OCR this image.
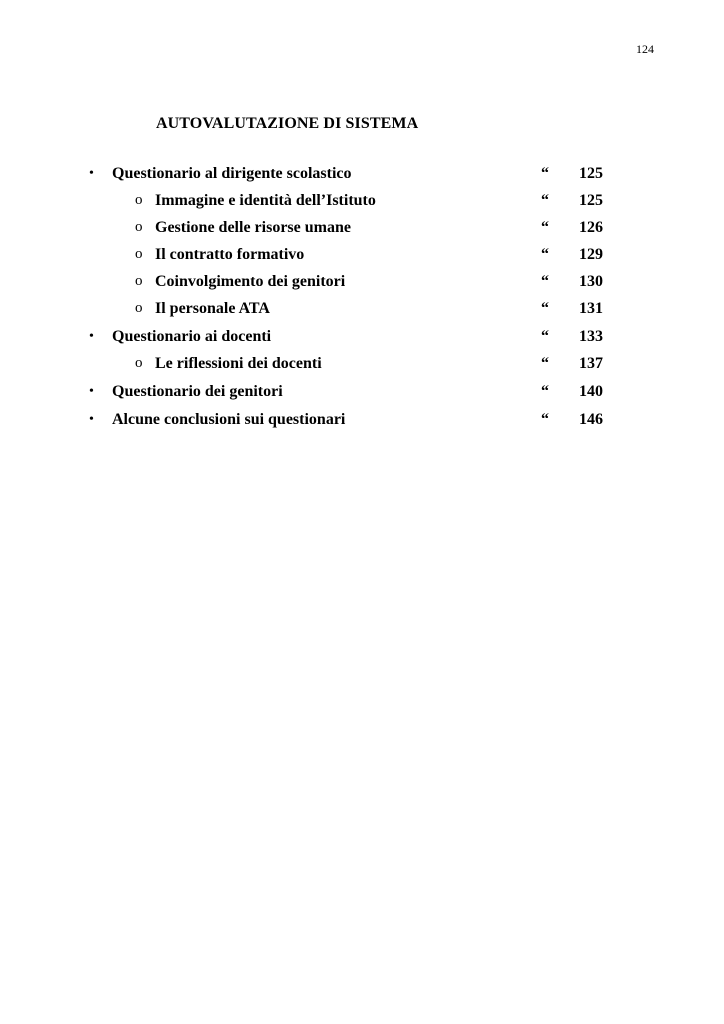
124
AUTOVALUTAZIONE DI SISTEMA
• Questionario al dirigente scolastico	“ 125
o Immagine e identità dell’Istituto	“ 125
o Gestione delle risorse umane	“ 126
o Il contratto formativo	“ 129
o Coinvolgimento dei genitori	“ 130
o Il personale ATA	“ 131
• Questionario ai docenti	“ 133
o Le riflessioni dei docenti	“ 137
• Questionario dei genitori	“ 140
• Alcune conclusioni sui questionari	“ 146
